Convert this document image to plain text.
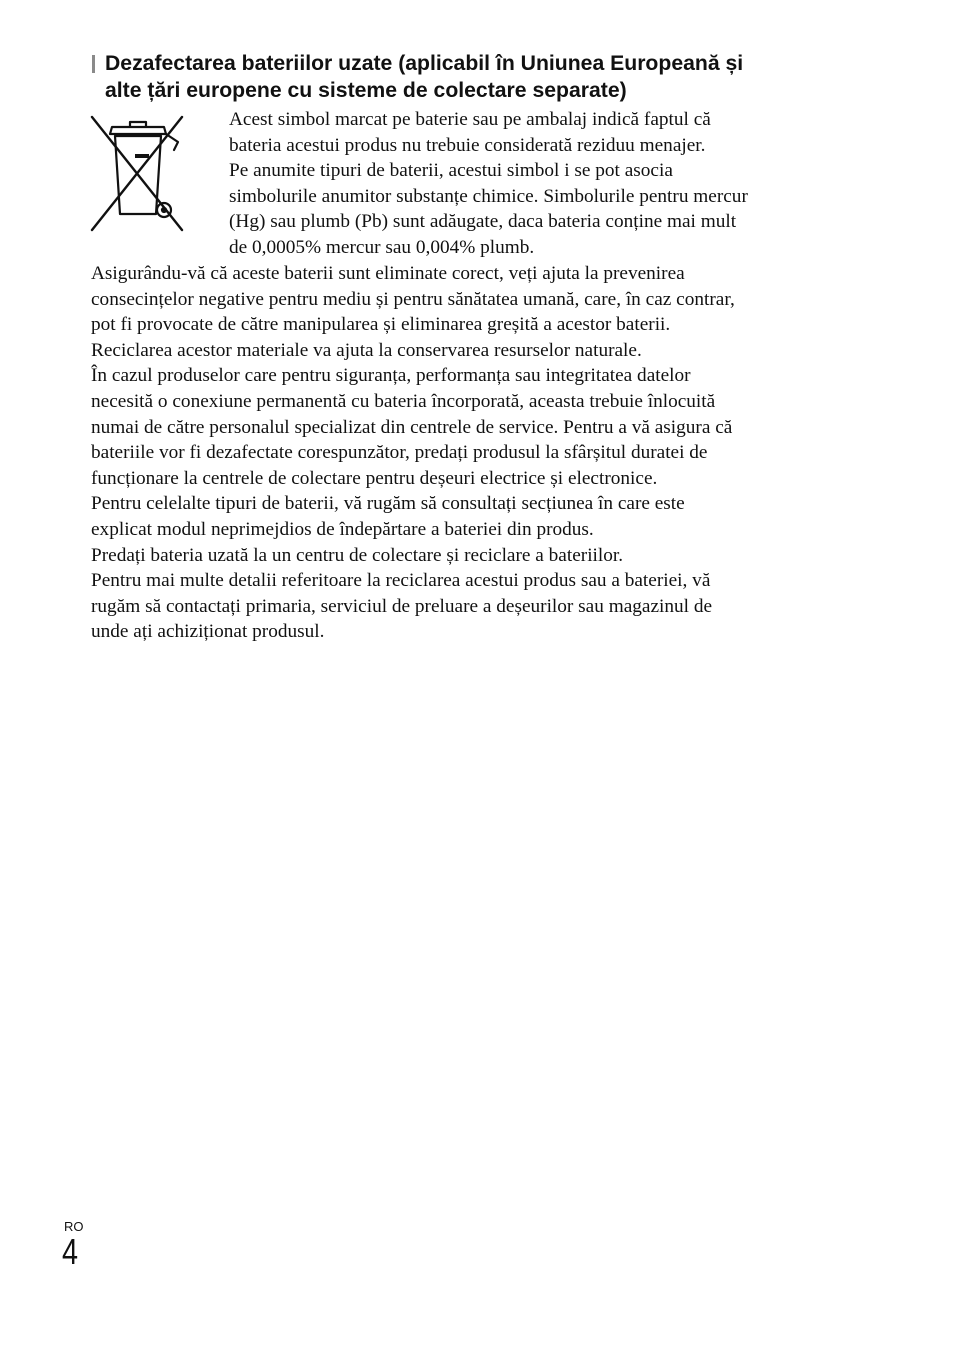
Dezafectarea bateriilor uzate (aplicabil în Uniunea Europeană și
alte țări europene cu sisteme de colectare separate)
Acest simbol marcat pe baterie sau pe ambalaj indică faptul că
bateria acestui produs nu trebuie considerată reziduu menajer.
Pe anumite tipuri de baterii, acestui simbol i se pot asocia
simbolurile anumitor substanțe chimice. Simbolurile pentru mercur
(Hg) sau plumb (Pb) sunt adăugate, daca bateria conține mai mult
de 0,0005% mercur sau 0,004% plumb.
Asigurându-vă că aceste baterii sunt eliminate corect, veți ajuta la prevenirea
consecințelor negative pentru mediu și pentru sănătatea umană, care, în caz contrar,
pot fi provocate de către manipularea și eliminarea greșită a acestor baterii.
Reciclarea acestor materiale va ajuta la conservarea resurselor naturale.
În cazul produselor care pentru siguranța, performanța sau integritatea datelor
necesită o conexiune permanentă cu bateria încorporată, aceasta trebuie înlocuită
numai de către personalul specializat din centrele de service. Pentru a vă asigura că
bateriile vor fi dezafectate corespunzător, predați produsul la sfârșitul duratei de
funcționare la centrele de colectare pentru deșeuri electrice și electronice.
Pentru celelalte tipuri de baterii, vă rugăm să consultați secțiunea în care este
explicat modul neprimejdios de îndepărtare a bateriei din produs.
Predați bateria uzată la un centru de colectare și reciclare a bateriilor.
Pentru mai multe detalii referitoare la reciclarea acestui produs sau a bateriei, vă
rugăm să contactați primaria, serviciul de preluare a deșeurilor sau magazinul de
unde ați achiziționat produsul.
RO
4
